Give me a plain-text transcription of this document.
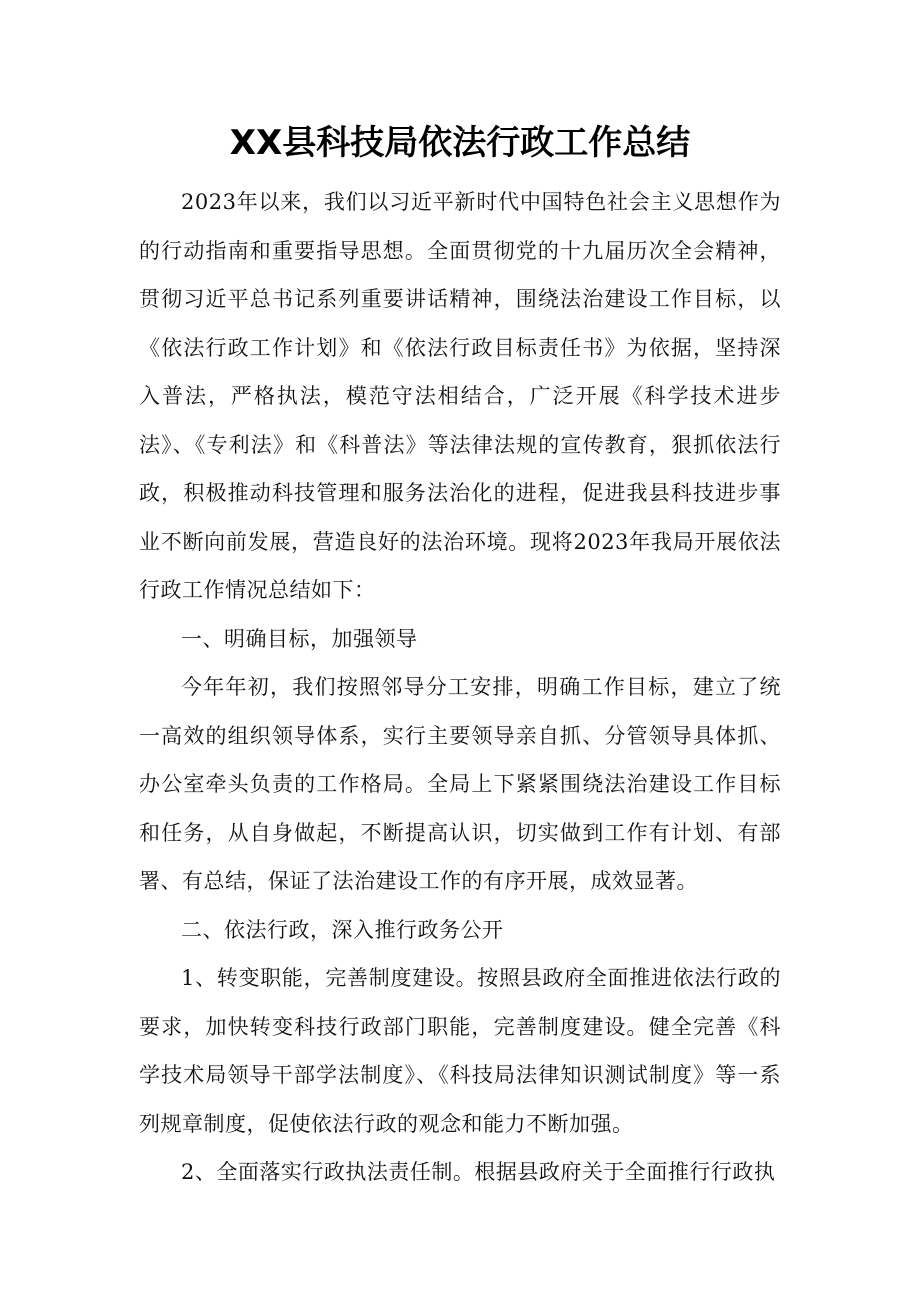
XX县科技局依法行政工作总结

2023年以来，我们以习近平新时代中国特色社会主义思想作为的行动指南和重要指导思想。全面贯彻党的十九届历次全会精神，贯彻习近平总书记系列重要讲话精神，围绕法治建设工作目标，以《依法行政工作计划》和《依法行政目标责任书》为依据，坚持深入普法，严格执法，模范守法相结合，广泛开展《科学技术进步法》、《专利法》和《科普法》等法律法规的宣传教育，狠抓依法行政，积极推动科技管理和服务法治化的进程，促进我县科技进步事业不断向前发展，营造良好的法治环境。现将2023年我局开展依法行政工作情况总结如下：

一、明确目标，加强领导

今年年初，我们按照邻导分工安排，明确工作目标，建立了统一高效的组织领导体系，实行主要领导亲自抓、分管领导具体抓、办公室牵头负责的工作格局。全局上下紧紧围绕法治建设工作目标和任务，从自身做起，不断提高认识，切实做到工作有计划、有部署、有总结，保证了法治建设工作的有序开展，成效显著。

二、依法行政，深入推行政务公开

1、转变职能，完善制度建设。按照县政府全面推进依法行政的要求，加快转变科技行政部门职能，完善制度建设。健全完善《科学技术局领导干部学法制度》、《科技局法律知识测试制度》等一系列规章制度，促使依法行政的观念和能力不断加强。

2、全面落实行政执法责任制。根据县政府关于全面推行行政执
